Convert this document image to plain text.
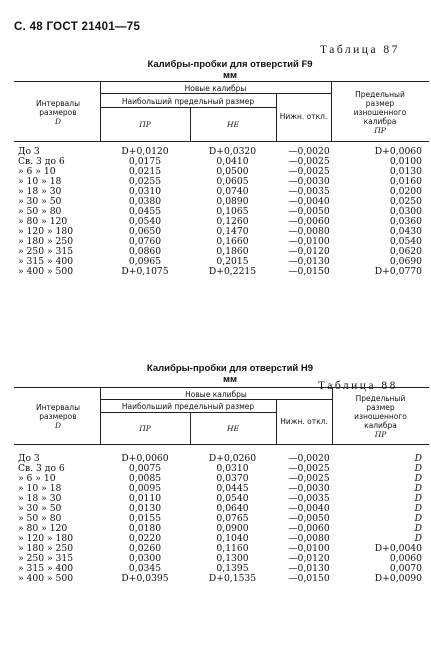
С. 48 ГОСТ 21401—75
Таблица 87
Калибры-пробки для отверстий F9
мм
Интервалы
размеров
D
Новые калибры
Наибольший предельный размер
ПР	НЕ
Нижн. откл.
Предельный
размер
изношенного
калибра
ПР
До 3	D+0,0120	D+0,0320	—0,0020	D+0,0060
Св. 3 до 6	0,0175	0,0410	—0,0025	0,0100
» 6 » 10	0,0215	0,0500	—0,0025	0,0130
» 10 » 18	0,0255	0,0605	—0,0030	0,0160
» 18 » 30	0,0310	0,0740	—0,0035	0,0200
» 30 » 50	0,0380	0,0890	—0,0040	0,0250
» 50 » 80	0,0455	0,1065	—0,0050	0,0300
» 80 » 120	0,0540	0,1260	—0,0060	0,0360
» 120 » 180	0,0650	0,1470	—0,0080	0,0430
» 180 » 250	0,0760	0,1660	—0,0100	0,0540
» 250 » 315	0,0860	0,1860	—0,0120	0,0620
» 315 » 400	0,0965	0,2015	—0,0130	0,0690
» 400 » 500	D+0,1075	D+0,2215	—0,0150	D+0,0770
Таблица 88
Калибры-пробки для отверстий H9
мм
Интервалы
размеров
D
Новые калибры
Наибольший предельный размер
ПР	НЕ
Нижн. откл.
Предельный
размер
изношенного
калибра
ПР
До 3	D+0,0060	D+0,0260	—0,0020	D
Св. 3 до 6	0,0075	0,0310	—0,0025	D
» 6 » 10	0,0085	0,0370	—0,0025	D
» 10 » 18	0,0095	0,0445	—0,0030	D
» 18 » 30	0,0110	0,0540	—0,0035	D
» 30 » 50	0,0130	0,0640	—0,0040	D
» 50 » 80	0,0155	0,0765	—0,0050	D
» 80 » 120	0,0180	0,0900	—0,0060	D
» 120 » 180	0,0220	0,1040	—0,0080	D
» 180 » 250	0,0260	0,1160	—0,0100	D+0,0040
» 250 » 315	0,0300	0,1300	—0,0120	0,0060
» 315 » 400	0,0345	0,1395	—0,0130	0,0070
» 400 » 500	D+0,0395	D+0,1535	—0,0150	D+0,0090
